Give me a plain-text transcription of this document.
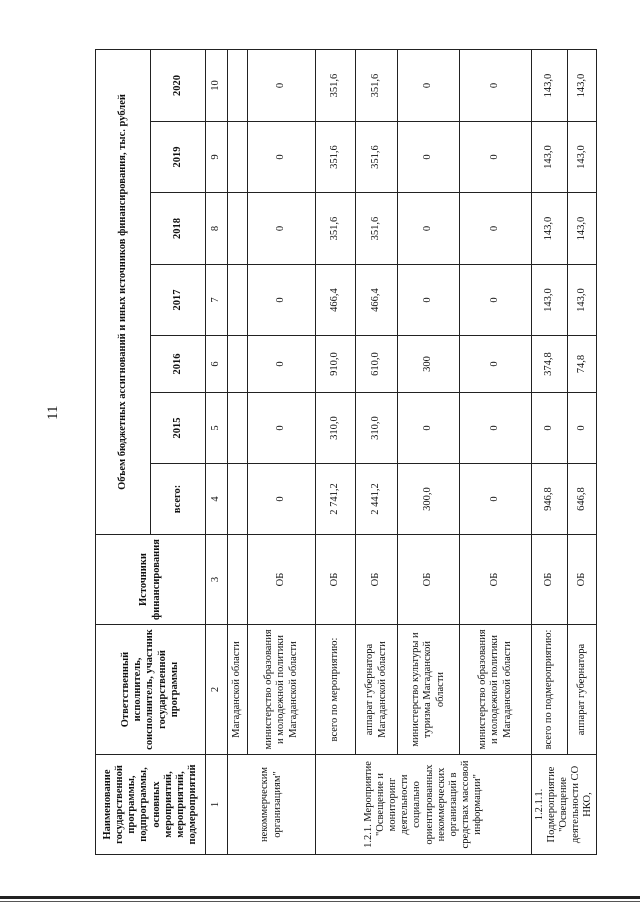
11
Наименование государственной программы, подпрограммы, основных мероприятий, мероприятий, подмероприятий	Ответственный исполнитель, соисполнитель, участник государственной программы	Источники финансирования	Объем бюджетных ассигнований и иных источников финансирования, тыс. рублей						
			всего:	2015	2016	2017	2018	2019	2020
1	2	3	4	5	6	7	8	9	10
некоммерческим организациям"	Магаданской области								
	министерство образования и молодежной политики Магаданской области	ОБ	0	0	0	0	0	0	0
1.2.1. Мероприятие "Освещение и мониторинг деятельности социально ориентированных некоммерческих организаций в средствах массовой информации"	всего по мероприятию:	ОБ	2 741,2	310,0	910,0	466,4	351,6	351,6	351,6
	аппарат губернатора Магаданской области	ОБ	2 441,2	310,0	610,0	466,4	351,6	351,6	351,6
	министерство культуры и туризма Магаданской области	ОБ	300,0	0	300	0	0	0	0
	министерство образования и молодежной политики Магаданской области	ОБ	0	0	0	0	0	0	0
1.2.1.1. Подмероприятие "Освещение деятельности СО НКО,	всего по подмероприятию:	ОБ	946,8	0	374,8	143,0	143,0	143,0	143,0
	аппарат губернатора	ОБ	646,8	0	74,8	143,0	143,0	143,0	143,0
